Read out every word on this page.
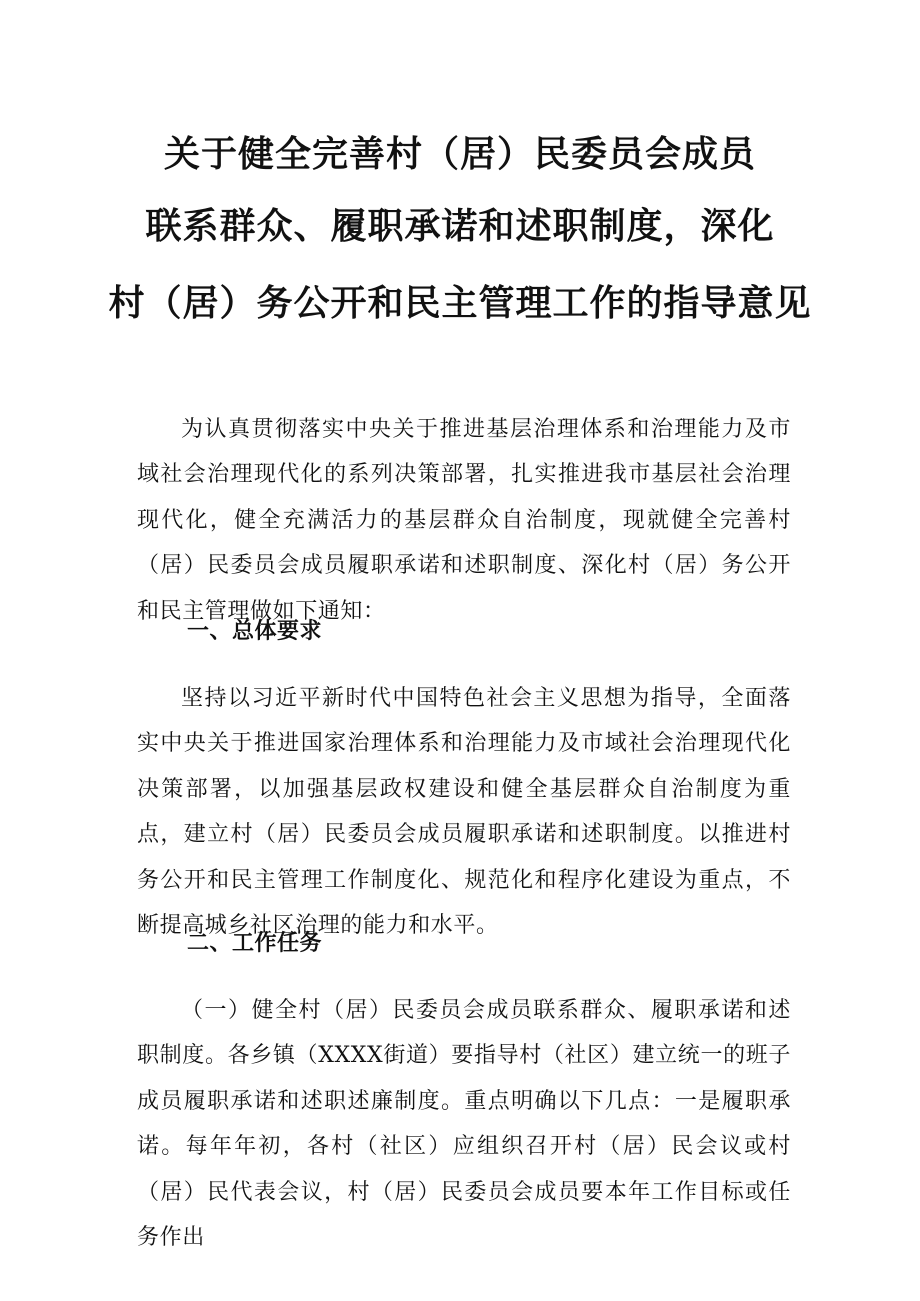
关于健全完善村（居）民委员会成员
联系群众、履职承诺和述职制度，深化
村（居）务公开和民主管理工作的指导意见

为认真贯彻落实中央关于推进基层治理体系和治理能力及市域社会治理现代化的系列决策部署，扎实推进我市基层社会治理现代化，健全充满活力的基层群众自治制度，现就健全完善村（居）民委员会成员履职承诺和述职制度、深化村（居）务公开和民主管理做如下通知：

一、总体要求

坚持以习近平新时代中国特色社会主义思想为指导，全面落实中央关于推进国家治理体系和治理能力及市域社会治理现代化决策部署，以加强基层政权建设和健全基层群众自治制度为重点，建立村（居）民委员会成员履职承诺和述职制度。以推进村务公开和民主管理工作制度化、规范化和程序化建设为重点，不断提高城乡社区治理的能力和水平。

二、工作任务

（一）健全村（居）民委员会成员联系群众、履职承诺和述职制度。各乡镇（XXXX街道）要指导村（社区）建立统一的班子成员履职承诺和述职述廉制度。重点明确以下几点：一是履职承诺。每年年初，各村（社区）应组织召开村（居）民会议或村（居）民代表会议，村（居）民委员会成员要本年工作目标或任务作出
